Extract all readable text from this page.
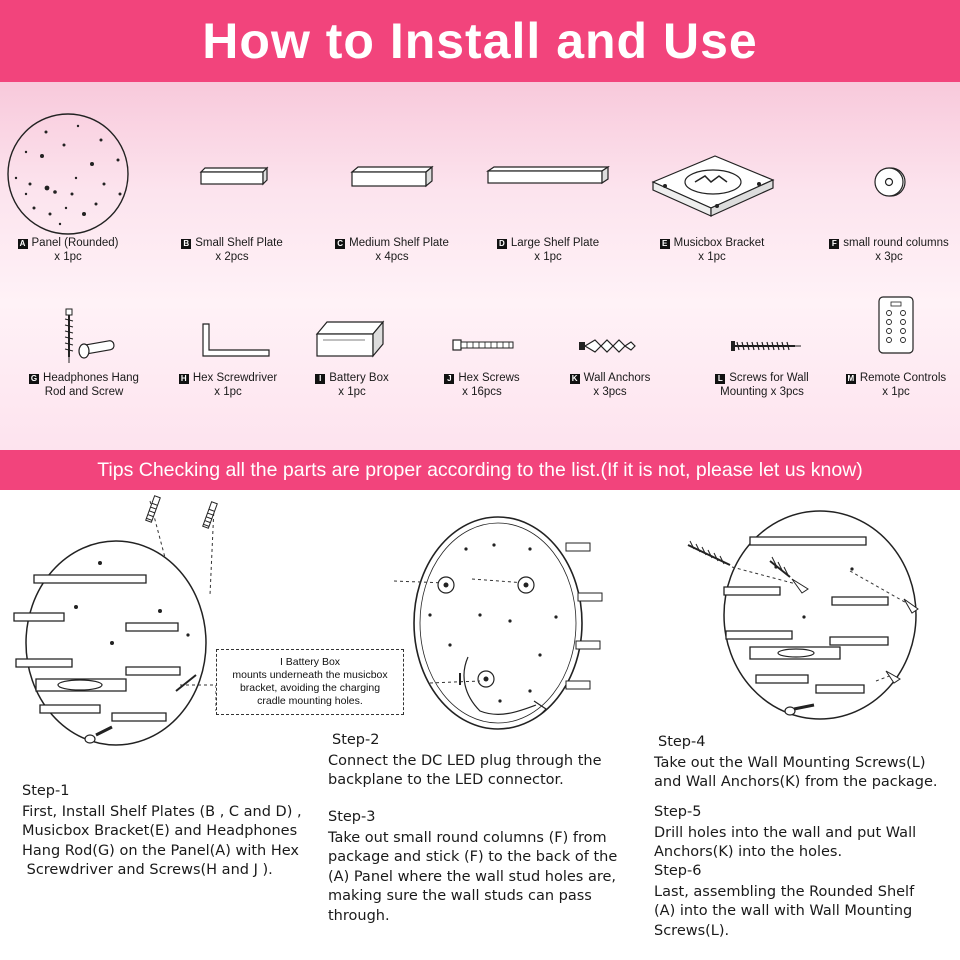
How to Install and Use
A Panel (Rounded)
x 1pc
B Small Shelf Plate
x 2pcs
C Medium Shelf Plate
x 4pcs
D Large Shelf Plate
x 1pc
E Musicbox Bracket
x 1pc
F small round columns
x 3pc
G Headphones Hang
Rod and Screw
H Hex Screwdriver
x 1pc
I Battery Box
x 1pc
J Hex Screws
x 16pcs
K Wall Anchors
x 3pcs
L Screws for Wall
Mounting x 3pcs
M Remote Controls
x 1pc
Tips Checking all the parts are proper according to the list.(If it is not, please let us know)
I Battery Box
mounts underneath the musicbox
bracket, avoiding the charging
cradle mounting holes.
Step-1
First, Install Shelf Plates (B , C and D) ,
Musicbox Bracket(E) and Headphones
Hang Rod(G) on the Panel(A) with Hex
Screwdriver and Screws(H and J ).
Step-2
Connect the DC LED plug through the
backplane to the LED connector.
Step-3
Take out small round columns (F) from
package and stick (F) to the back of the
(A) Panel where the wall stud holes are,
making sure the wall studs can pass
through.
Step-4
Take out the Wall Mounting Screws(L)
and Wall Anchors(K) from the package.
Step-5
Drill holes into the wall and put Wall
Anchors(K) into the holes.
Step-6
Last, assembling the Rounded Shelf
(A) into the wall with Wall Mounting
Screws(L).
